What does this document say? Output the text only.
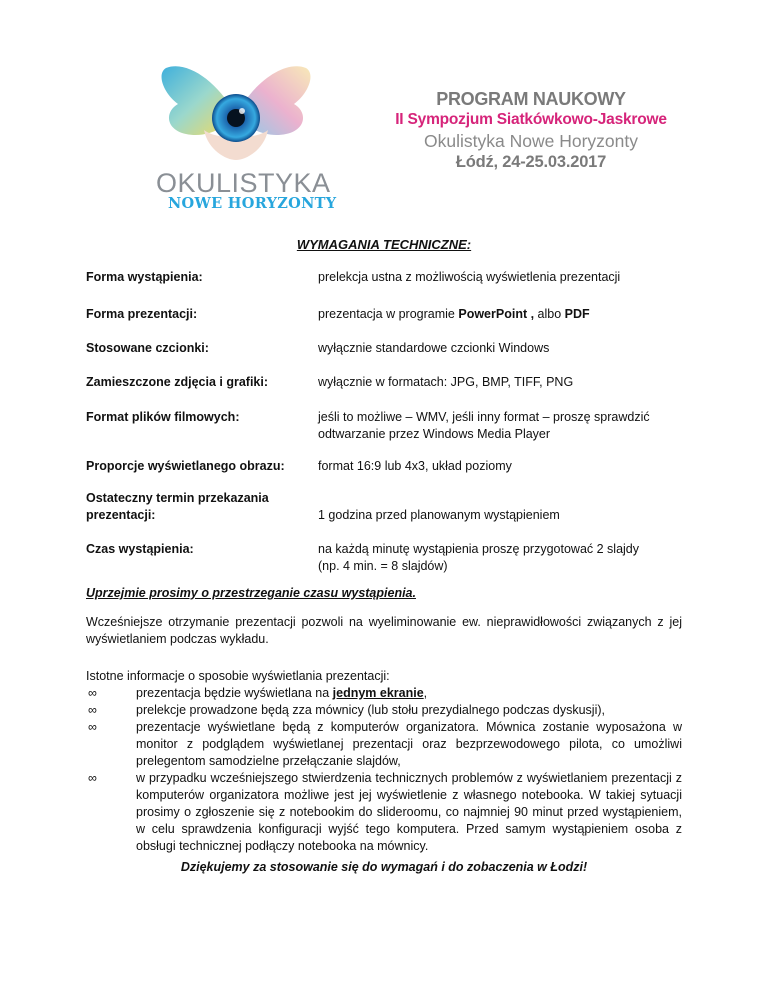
OKULISTYKA
NOWE HORYZONTY
PROGRAM NAUKOWY
II Sympozjum Siatkówkowo-Jaskrowe
Okulistyka Nowe Horyzonty
Łódź, 24-25.03.2017
WYMAGANIA TECHNICZNE:
Forma wystąpienia:	prelekcja ustna z możliwością wyświetlenia prezentacji
Forma prezentacji:	prezentacja w programie PowerPoint , albo PDF
Stosowane czcionki:	wyłącznie standardowe czcionki Windows
Zamieszczone zdjęcia i grafiki:	wyłącznie w formatach: JPG, BMP, TIFF, PNG
Format plików filmowych:	jeśli to możliwe – WMV, jeśli inny format – proszę sprawdzić
odtwarzanie przez Windows Media Player
Proporcje wyświetlanego obrazu:	format 16:9 lub 4x3, układ poziomy
Ostateczny termin przekazania
prezentacji:	1 godzina przed planowanym wystąpieniem
Czas wystąpienia:	na każdą minutę wystąpienia proszę przygotować 2 slajdy
(np. 4 min. = 8 slajdów)
Uprzejmie prosimy o przestrzeganie czasu wystąpienia.
Wcześniejsze otrzymanie prezentacji pozwoli na wyeliminowanie ew. nieprawidłowości związanych z jej wyświetlaniem podczas wykładu.
Istotne informacje o sposobie wyświetlania prezentacji:
∞	prezentacja będzie wyświetlana na jednym ekranie,
∞	prelekcje prowadzone będą zza mównicy (lub stołu prezydialnego podczas dyskusji),
∞	prezentacje wyświetlane będą z komputerów organizatora. Mównica zostanie wyposażona w monitor z podglądem wyświetlanej prezentacji oraz bezprzewodowego pilota, co umożliwi prelegentom samodzielne przełączanie slajdów,
∞	w przypadku wcześniejszego stwierdzenia technicznych problemów z wyświetlaniem prezentacji z komputerów organizatora możliwe jest jej wyświetlenie z własnego notebooka. W takiej sytuacji prosimy o zgłoszenie się z notebookim do slideroomu, co najmniej 90 minut przed wystąpieniem, w celu sprawdzenia konfiguracji wyjść tego komputera. Przed samym wystąpieniem osoba z obsługi technicznej podłączy notebooka na mównicy.
Dziękujemy za stosowanie się do wymagań i do zobaczenia w Łodzi!
